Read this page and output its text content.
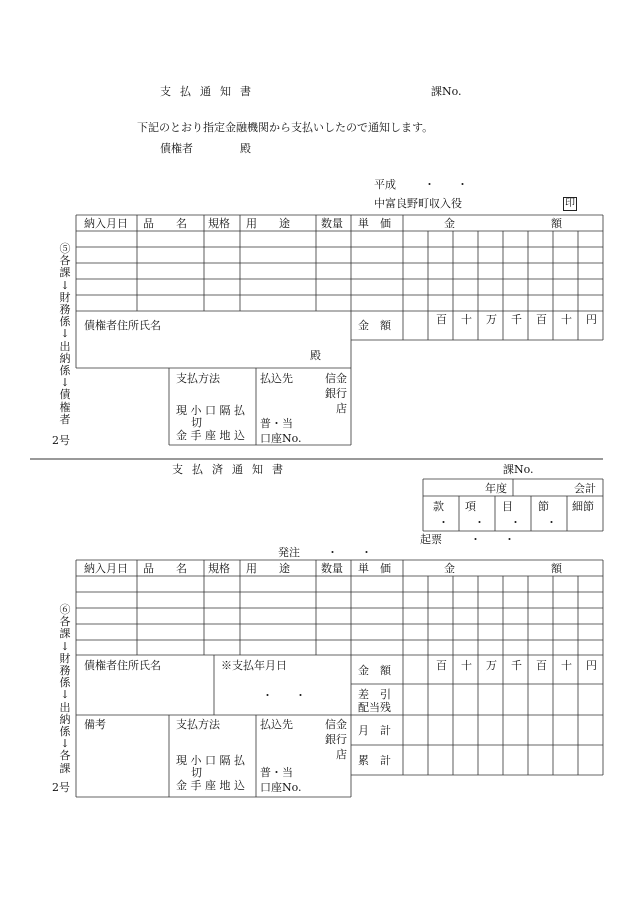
支払通知書	課No.
下記のとおり指定金融機関から支払いしたので通知します。
債権者	殿
平成	・ ・
中富良野町収入役	印
納入月日 品　　名 規格 用　　途	数量 単　価	金	額
債権者住所氏名
殿
金　額	百 十 万 千 百 十 円
支払方法
現 小 口 隔 払
切
金 手 座 地 込
払込先	信金
銀行
店
普・当
口座No.
⑤各課↓財務係↓出納係↓債権者
2号
支払済通知書	課No.
年度	会計
款 項 目 節 細節
・ ・ ・ ・
起票	・ ・
発注 ・ ・
納入月日 品　　名 規格 用　　途	数量 単　価	金	額
債権者住所氏名	※支払年月日
・　　・
金　額	百 十 万 千 百 十 円
差　引
配当残
月　計
累　計
備考	支払方法
現 小 口 隔 払
切
金 手 座 地 込
払込先	信金
銀行
店
普・当
口座No.
⑥各課↓財務係↓出納係↓各課
2号
